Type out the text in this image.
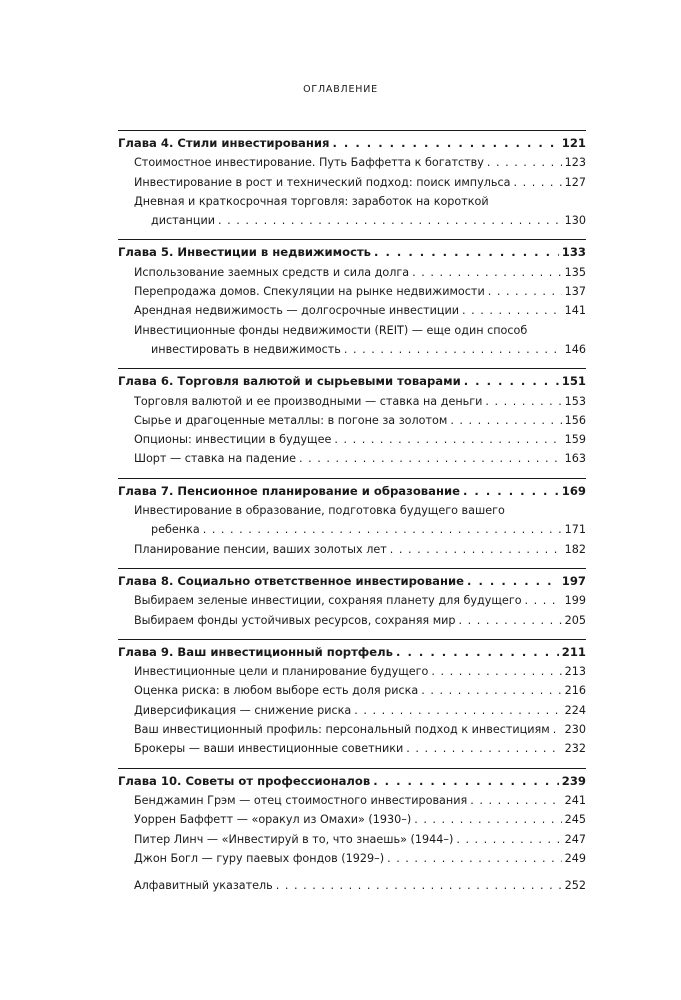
ОГЛАВЛЕНИЕ
Глава 4. Стили инвестирования . . .	121
Стоимостное инвестирование. Путь Баффетта к богатству . . .	123
Инвестирование в рост и технический подход: поиск импульса . . .	127
Дневная и краткосрочная торговля: заработок на короткой
дистанции . . .	130
Глава 5. Инвестиции в недвижимость . . .	133
Использование заемных средств и сила долга . . .	135
Перепродажа домов. Спекуляции на рынке недвижимости . . .	137
Арендная недвижимость — долгосрочные инвестиции . . .	141
Инвестиционные фонды недвижимости (REIT) — еще один способ
инвестировать в недвижимость . . .	146
Глава 6. Торговля валютой и сырьевыми товарами . . .	151
Торговля валютой и ее производными — ставка на деньги . . .	153
Сырье и драгоценные металлы: в погоне за золотом . . .	156
Опционы: инвестиции в будущее . . .	159
Шорт — ставка на падение . . .	163
Глава 7. Пенсионное планирование и образование . . .	169
Инвестирование в образование, подготовка будущего вашего
ребенка . . .	171
Планирование пенсии, ваших золотых лет . . .	182
Глава 8. Социально ответственное инвестирование . . .	197
Выбираем зеленые инвестиции, сохраняя планету для будущего . . .	199
Выбираем фонды устойчивых ресурсов, сохраняя мир . . .	205
Глава 9. Ваш инвестиционный портфель . . .	211
Инвестиционные цели и планирование будущего . . .	213
Оценка риска: в любом выборе есть доля риска . . .	216
Диверсификация — снижение риска . . .	224
Ваш инвестиционный профиль: персональный подход к инвестициям . . . 230
Брокеры — ваши инвестиционные советники . . .	232
Глава 10. Советы от профессионалов . . .	239
Бенджамин Грэм — отец стоимостного инвестирования . . .	241
Уоррен Баффетт — «оракул из Омахи» (1930–) . . .	245
Питер Линч — «Инвестируй в то, что знаешь» (1944–) . . .	247
Джон Богл — гуру паевых фондов (1929–) . . .	249
Алфавитный указатель . . .	252
